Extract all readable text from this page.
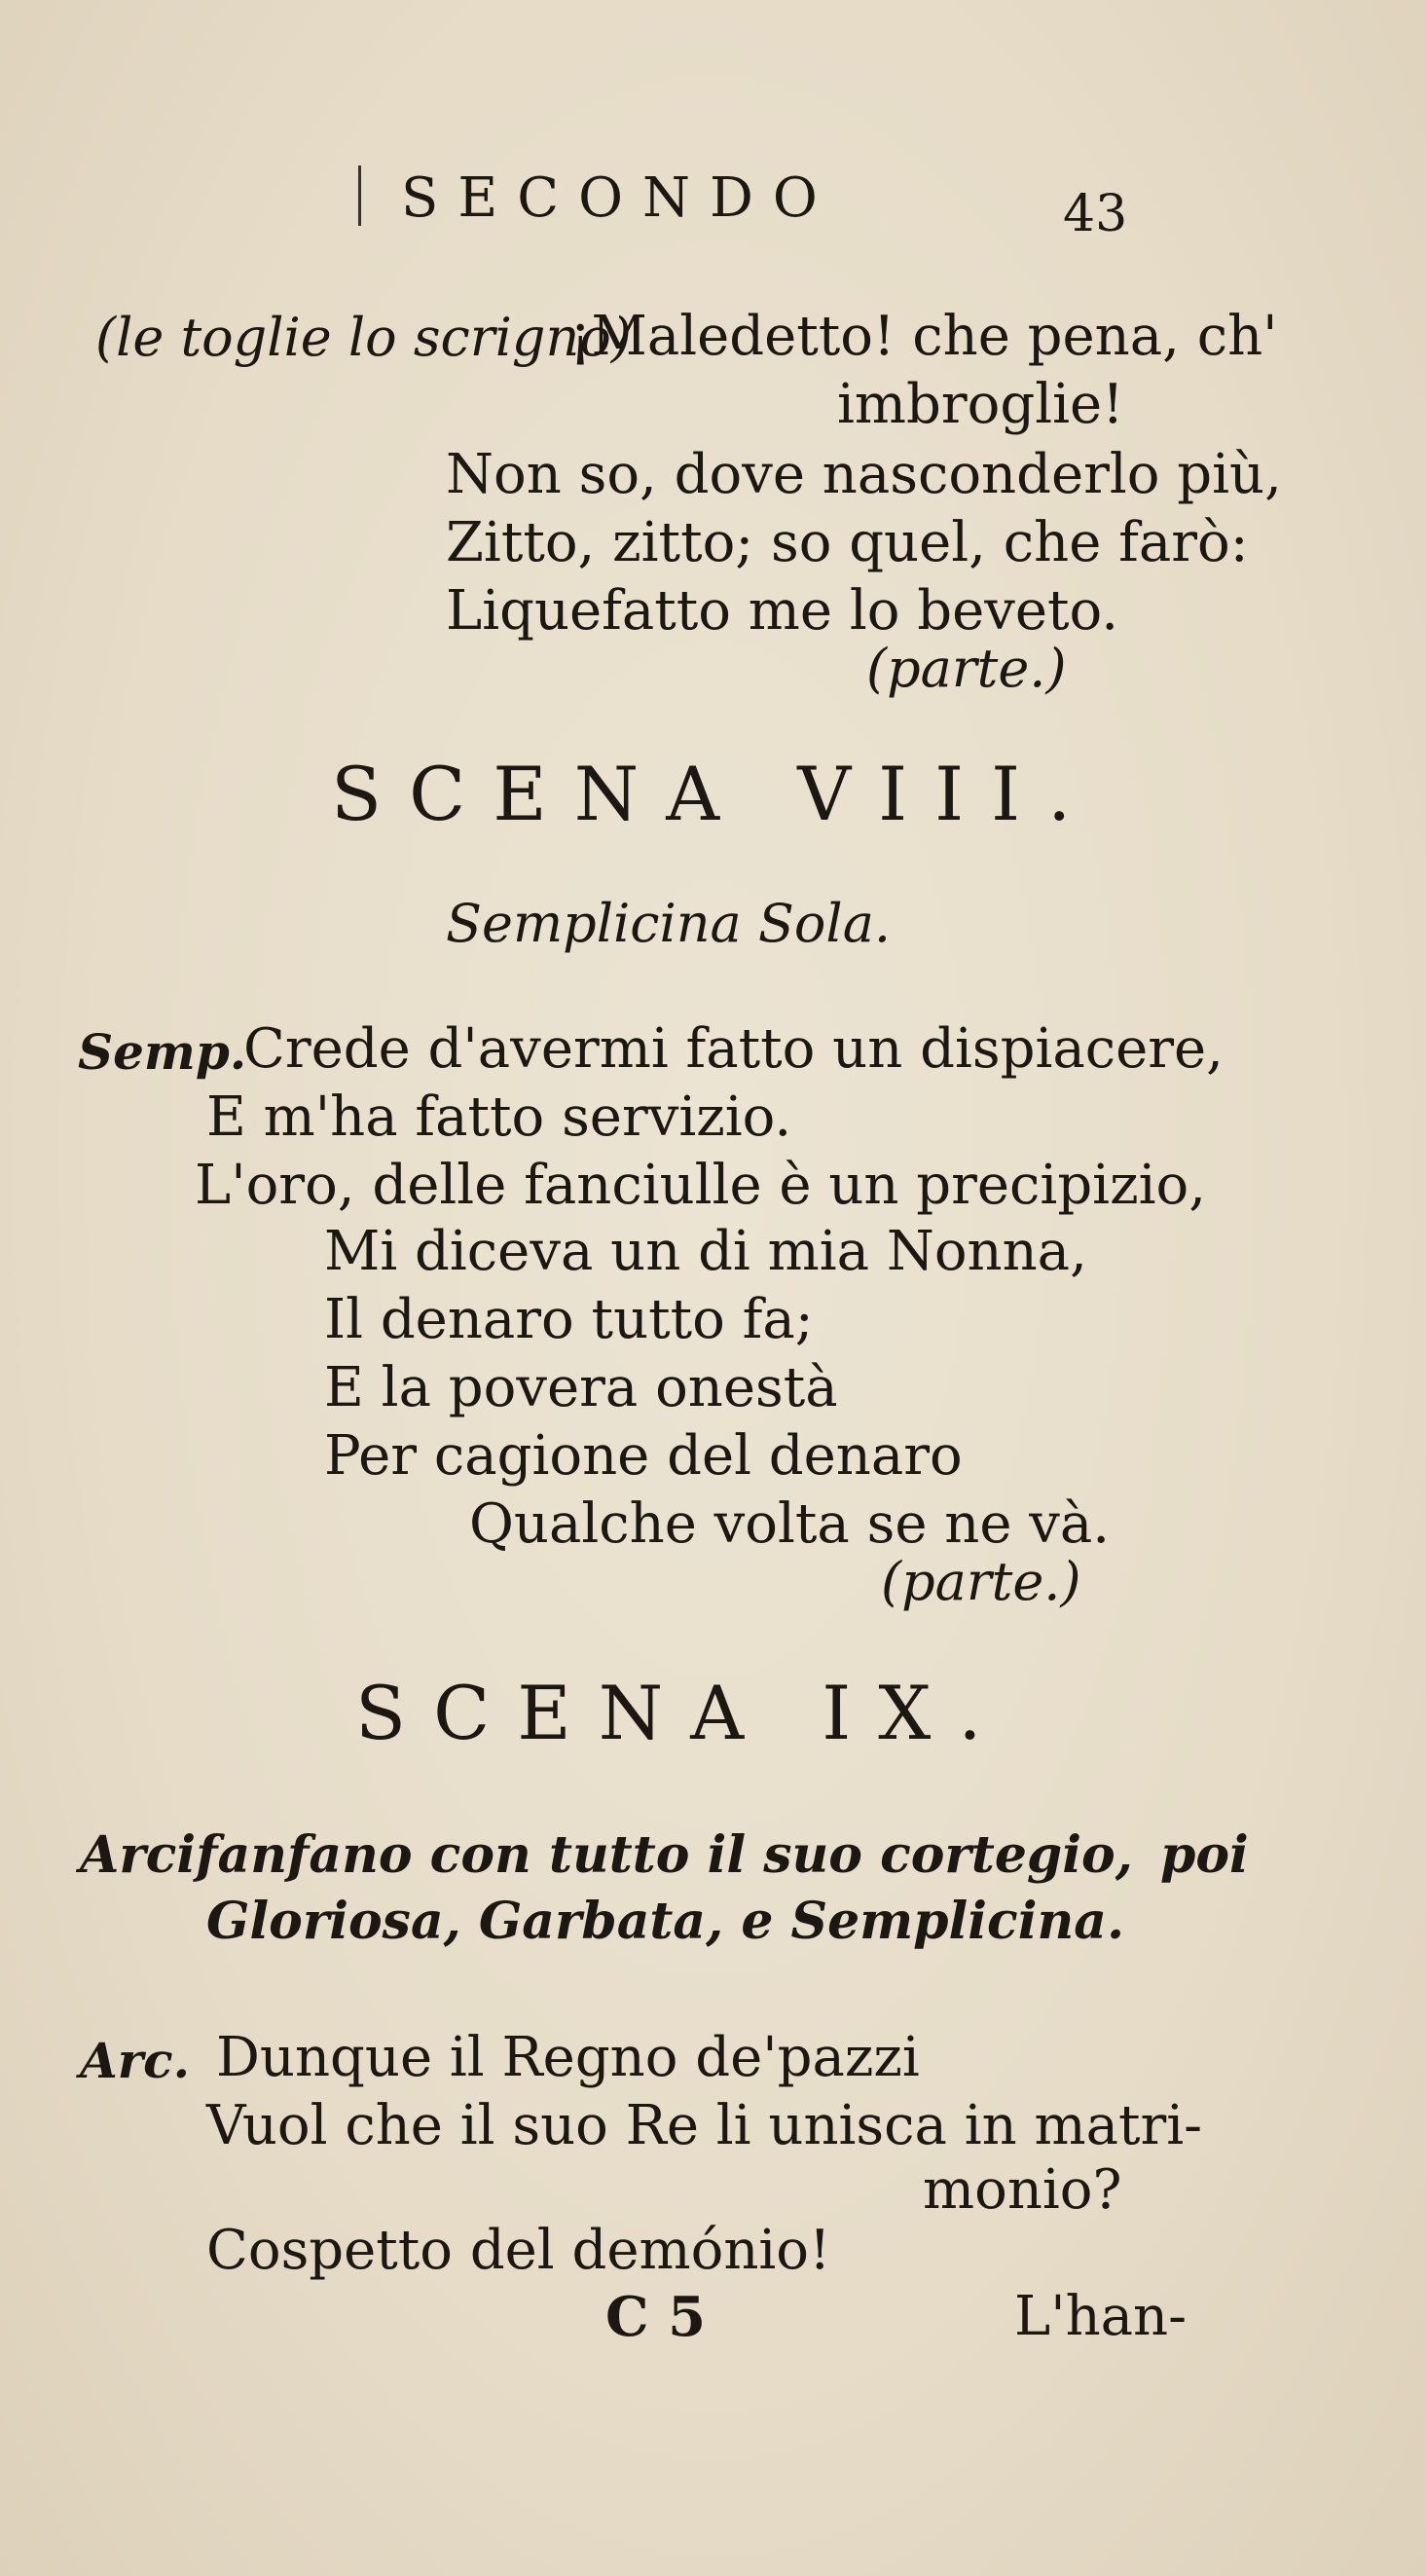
SECONDO	43
(le toglie lo scrigno)
¡Maledetto! che pena, ch'
imbroglie!
Non so, dove nasconderlo più,
Zitto, zitto; so quel, che farò:
Liquefatto me lo beveto.
(parte.)
SCENA VIII.
Semplicina Sola.
Semp.
Crede d'avermi fatto un dispiacere,
E m'ha fatto servizio.
L'oro, delle fanciulle è un precipizio,
Mi diceva un di mia Nonna,
Il denaro tutto fa;
E la povera onestà
Per cagione del denaro
Qualche volta se ne và.
(parte.)
SCENA IX.
Arcifanfano con tutto il suo cortegio, poi
Gloriosa, Garbata, e Semplicina.
Arc. Dunque il Regno de'pazzi
Vuol che il suo Re li unisca in matri-
monio?
Cospetto del demónio!
C 5	L'han-
